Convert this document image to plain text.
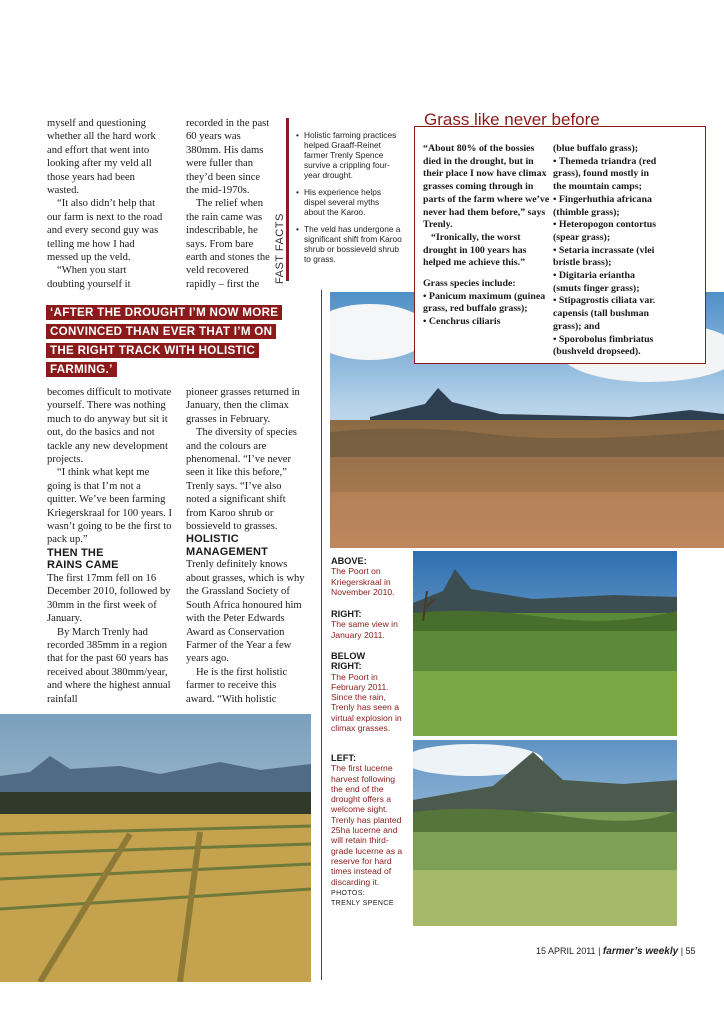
myself and questioning whether all the hard work and effort that went into looking after my veld all those years had been wasted.

“It also didn’t help that our farm is next to the road and every second guy was telling me how I had messed up the veld.

“When you start doubting yourself it

recorded in the past 60 years was 380mm. His dams were fuller than they’d been since the mid-1970s.

The relief when the rain came was indescribable, he says. From bare earth and stones the veld recovered rapidly – first the

FAST FACTS
• Holistic farming practices helped Graaff-Reinet farmer Trenly Spence survive a crippling four-year drought.
• His experience helps dispel several myths about the Karoo.
• The veld has undergone a significant shift from Karoo shrub or bossieveld shrub to grass.
Grass like never before

“About 80% of the bossies died in the drought, but in their place I now have climax grasses coming through in parts of the farm where we’ve never had them before,” says Trenly.

“Ironically, the worst drought in 100 years has helped me achieve this.”

Grass species include:

• Panicum maximum (guinea grass, red buffalo grass);

• Cenchrus ciliaris

(blue buffalo grass);

• Themeda triandra (red grass), found mostly in the mountain camps;

• Fingerhuthia africana (thimble grass);

• Heteropogon contortus (spear grass);

• Setaria incrassate (vlei bristle brass);

• Digitaria eriantha (smuts finger grass);

• Stipagrostis ciliata var. capensis (tall bushman grass); and

• Sporobolus fimbriatus (bushveld dropseed).

‘AFTER THE DROUGHT I’M NOW MORE CONVINCED THAN EVER THAT I’M ON THE RIGHT TRACK WITH HOLISTIC FARMING.’

becomes difficult to motivate yourself. There was nothing much to do anyway but sit it out, do the basics and not tackle any new development projects.

“I think what kept me going is that I’m not a quitter. We’ve been farming Kriegerskraal for 100 years. I wasn’t going to be the first to pack up.”

THEN THE RAINS CAME

The first 17mm fell on 16 December 2010, followed by 30mm in the first week of January.

By March Trenly had recorded 385mm in a region that for the past 60 years has received about 380mm/year, and where the highest annual rainfall

pioneer grasses returned in January, then the climax grasses in February.

The diversity of species and the colours are phenomenal. “I’ve never seen it like this before,” Trenly says. “I’ve also noted a significant shift from Karoo shrub or bossieveld to grasses.

HOLISTIC MANAGEMENT

Trenly definitely knows about grasses, which is why the Grassland Society of South Africa honoured him with the Peter Edwards Award as Conservation Farmer of the Year a few years ago.

He is the first holistic farmer to receive this award. “With holistic

ABOVE:

The Poort on Kriegerskraal in November 2010.

RIGHT:

The same view in January 2011.

BELOW RIGHT:

The Poort in February 2011. Since the rain, Trenly has seen a virtual explosion in climax grasses.

LEFT:

The first lucerne harvest following the end of the drought offers a welcome sight. Trenly has planted 25ha lucerne and will retain third-grade lucerne as a reserve for hard times instead of discarding it.

PHOTOS:

TRENLY SPENCE

15 APRIL 2011 | farmer’s weekly | 55
